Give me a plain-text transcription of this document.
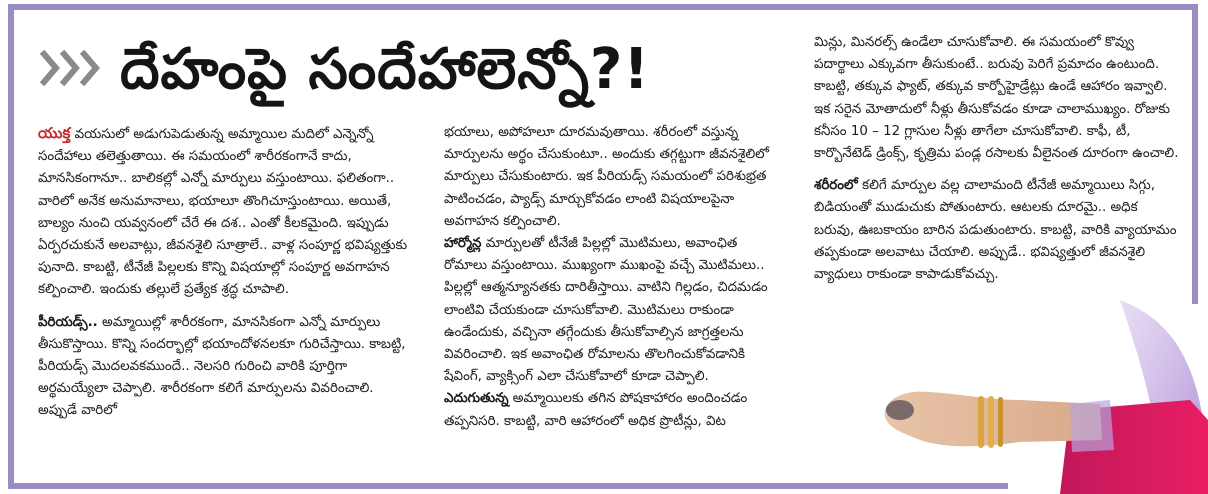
దేహంపై సందేహాలెన్నో?!

యుక్త వయసులో అడుగుపెడుతున్న అమ్మాయిల మదిలో ఎన్నెన్నో సందేహాలు తలెత్తుతాయి. ఈ సమయంలో శారీరకంగానే కాదు, మానసికంగానూ.. బాలికల్లో ఎన్నో మార్పులు వస్తుంటాయి. ఫలితంగా.. వారిలో అనేక అనుమానాలు, భయాలూ తొంగిచూస్తుంటాయి. అయితే, బాల్యం నుంచి యవ్వనంలో చేరే ఈ దశ.. ఎంతో కీలకమైంది. ఇప్పుడు ఏర్పరచుకునే అలవాట్లు, జీవనశైలి సూత్రాలే.. వాళ్ల సంపూర్ణ భవిష్యత్తుకు పునాది. కాబట్టి, టీనేజీ పిల్లలకు కొన్ని విషయాల్లో సంపూర్ణ అవగాహన కల్పించాలి. ఇందుకు తల్లులే ప్రత్యేక శ్రద్ధ చూపాలి.

పీరియడ్స్.. అమ్మాయిల్లో శారీరకంగా, మానసికంగా ఎన్నో మార్పులు తీసుకొస్తాయి. కొన్ని సందర్భాల్లో భయాందోళనలకూ గురిచేస్తాయి. కాబట్టి, పీరియడ్స్ మొదలవకముందే.. నెలసరి గురించి వారికి పూర్తిగా అర్థమయ్యేలా చెప్పాలి. శారీరకంగా కలిగే మార్పులను వివరించాలి. అప్పుడే వారిలో

భయాలు, అపోహలూ దూరమవుతాయి. శరీరంలో వస్తున్న మార్పులను అర్థం చేసుకుంటూ.. అందుకు తగ్గట్టుగా జీవనశైలిలో మార్పులు చేసుకుంటారు. ఇక పీరియడ్స్ సమయంలో పరిశుభ్రత పాటించడం, ప్యాడ్స్ మార్చుకోవడం లాంటి విషయాలపైనా అవగాహన కల్పించాలి.

హార్మోన్ల మార్పులతో టీనేజీ పిల్లల్లో మొటిమలు, అవాంఛిత రోమాలు వస్తుంటాయి. ముఖ్యంగా ముఖంపై వచ్చే మొటిమలు.. పిల్లల్లో ఆత్మన్యూనతకు దారితీస్తాయి. వాటిని గిల్లడం, చిదమడం లాంటివి చేయకుండా చూసుకోవాలి. మొటిమలు రాకుండా ఉండేందుకు, వచ్చినా తగ్గేందుకు తీసుకోవాల్సిన జాగ్రత్తలను వివరించాలి. ఇక అవాంఛిత రోమాలను తొలగించుకోవడానికి షేవింగ్, వ్యాక్సింగ్ ఎలా చేసుకోవాలో కూడా చెప్పాలి.

ఎదుగుతున్న అమ్మాయిలకు తగిన పోషకాహారం అందించడం తప్పనిసరి. కాబట్టి, వారి ఆహారంలో అధిక ప్రొటీన్లు, విట

మిన్లు, మినరల్స్ ఉండేలా చూసుకోవాలి. ఈ సమయంలో కొవ్వు పదార్థాలు ఎక్కువగా తీసుకుంటే.. బరువు పెరిగే ప్రమాదం ఉంటుంది. కాబట్టి, తక్కువ ఫ్యాట్, తక్కువ కార్బోహైడ్రేట్లు ఉండే ఆహారం ఇవ్వాలి. ఇక సరైన మోతాదులో నీళ్లు తీసుకోవడం కూడా చాలాముఖ్యం. రోజుకు కనీసం 10 – 12 గ్లాసుల నీళ్లు తాగేలా చూసుకోవాలి. కాఫీ, టీ, కార్బొనేటెడ్ డ్రింక్స్, కృత్రిమ పండ్ల రసాలకు వీలైనంత దూరంగా ఉంచాలి.

శరీరంలో కలిగే మార్పుల వల్ల చాలామంది టీనేజీ అమ్మాయిలు సిగ్గు, బిడియంతో ముడుచుకు పోతుంటారు. ఆటలకు దూరమై.. అధిక బరువు, ఊబకాయం బారిన పడుతుంటారు. కాబట్టి, వారికి వ్యాయామం తప్పకుండా అలవాటు చేయాలి. అప్పుడే.. భవిష్యత్తులో జీవనశైలి వ్యాధులు రాకుండా కాపాడుకోవచ్చు.
